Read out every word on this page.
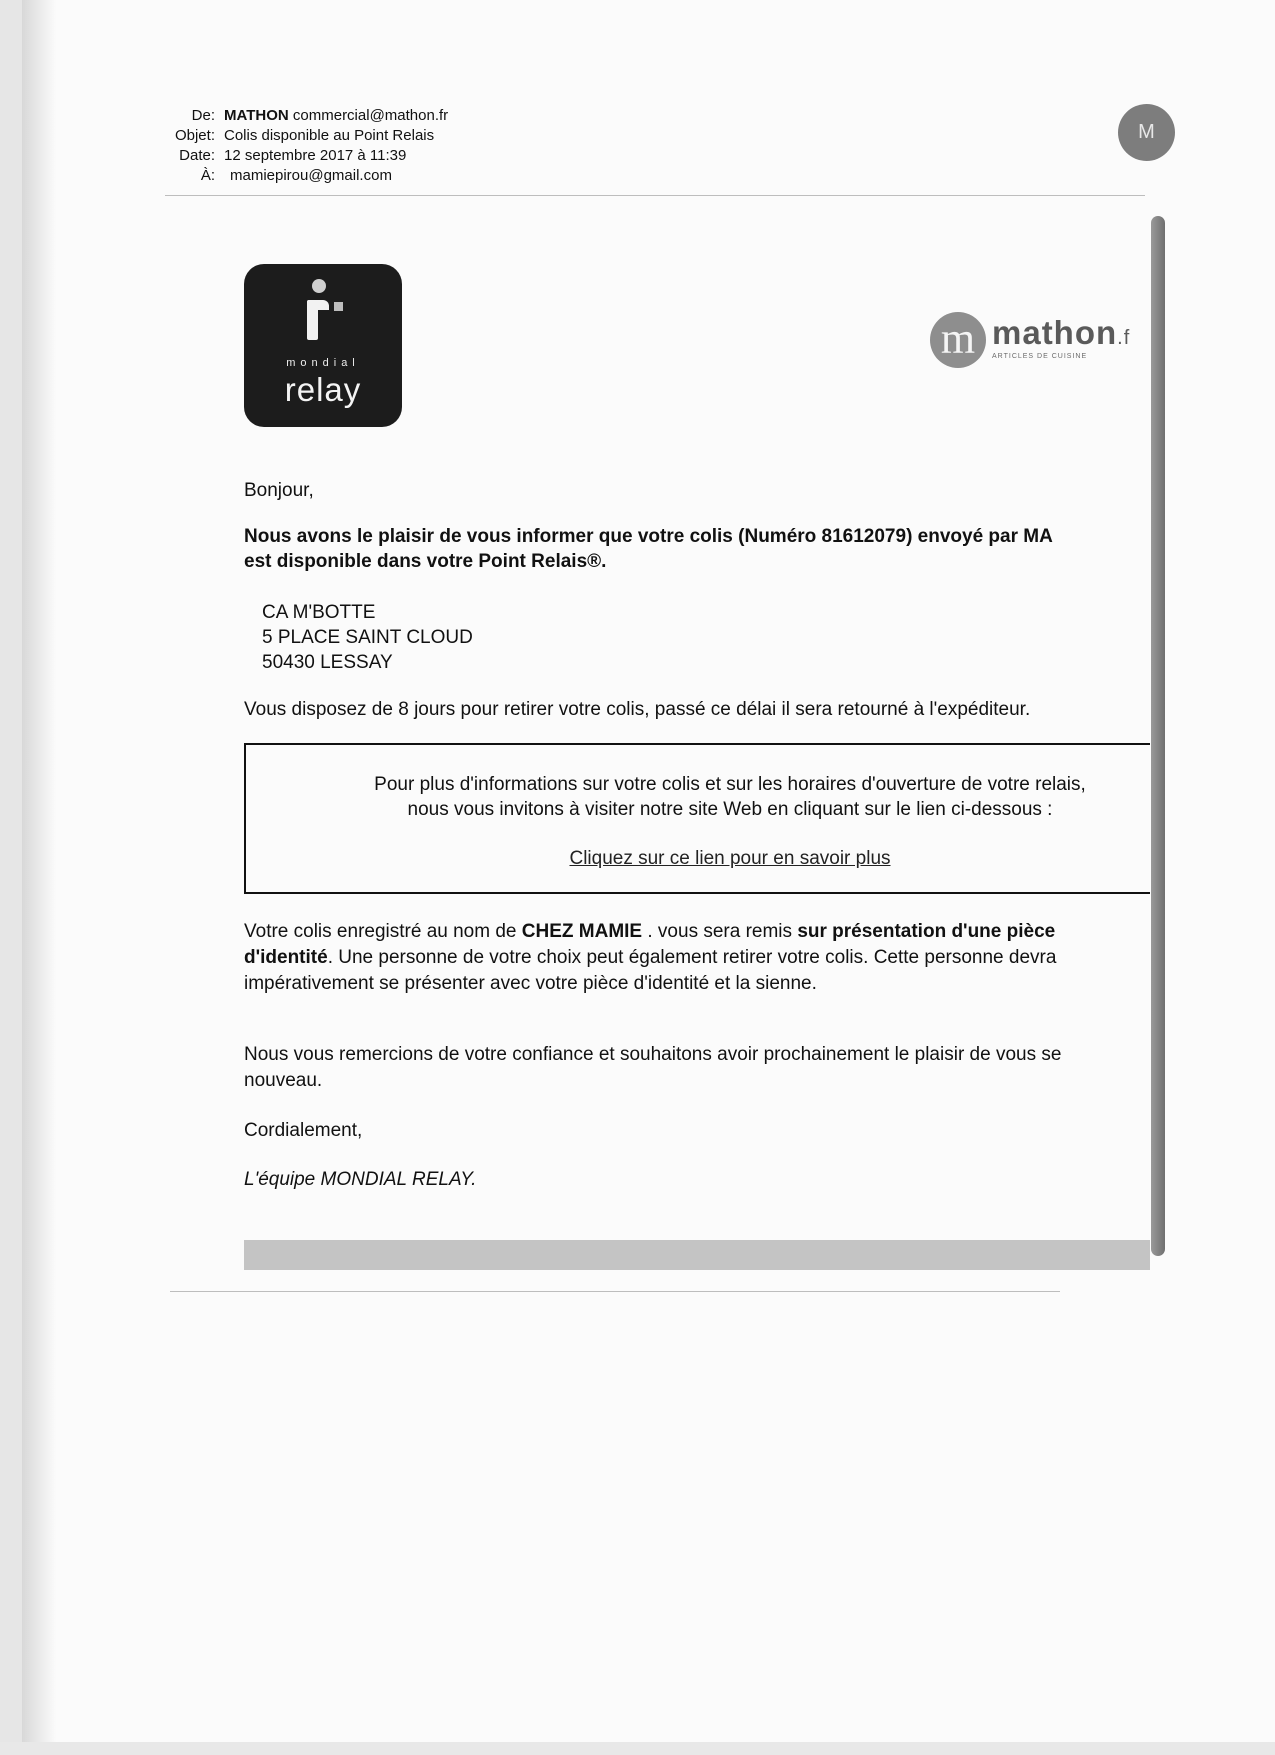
De: MATHON commercial@mathon.fr
Objet: Colis disponible au Point Relais
Date: 12 septembre 2017 à 11:39
À: mamiepirou@gmail.com
M
mondial
relay
m mathon.f
ARTICLES DE CUISINE
Bonjour,
Nous avons le plaisir de vous informer que votre colis (Numéro 81612079) envoyé par MA
est disponible dans votre Point Relais®.
CA M'BOTTE
5 PLACE SAINT CLOUD
50430 LESSAY
Vous disposez de 8 jours pour retirer votre colis, passé ce délai il sera retourné à l'expéditeur.
Pour plus d'informations sur votre colis et sur les horaires d'ouverture de votre relais,
nous vous invitons à visiter notre site Web en cliquant sur le lien ci-dessous :
Cliquez sur ce lien pour en savoir plus
Votre colis enregistré au nom de CHEZ MAMIE . vous sera remis sur présentation d'une pièce
d'identité. Une personne de votre choix peut également retirer votre colis. Cette personne devra
impérativement se présenter avec votre pièce d'identité et la sienne.
Nous vous remercions de votre confiance et souhaitons avoir prochainement le plaisir de vous se
nouveau.
Cordialement,
L'équipe MONDIAL RELAY.
